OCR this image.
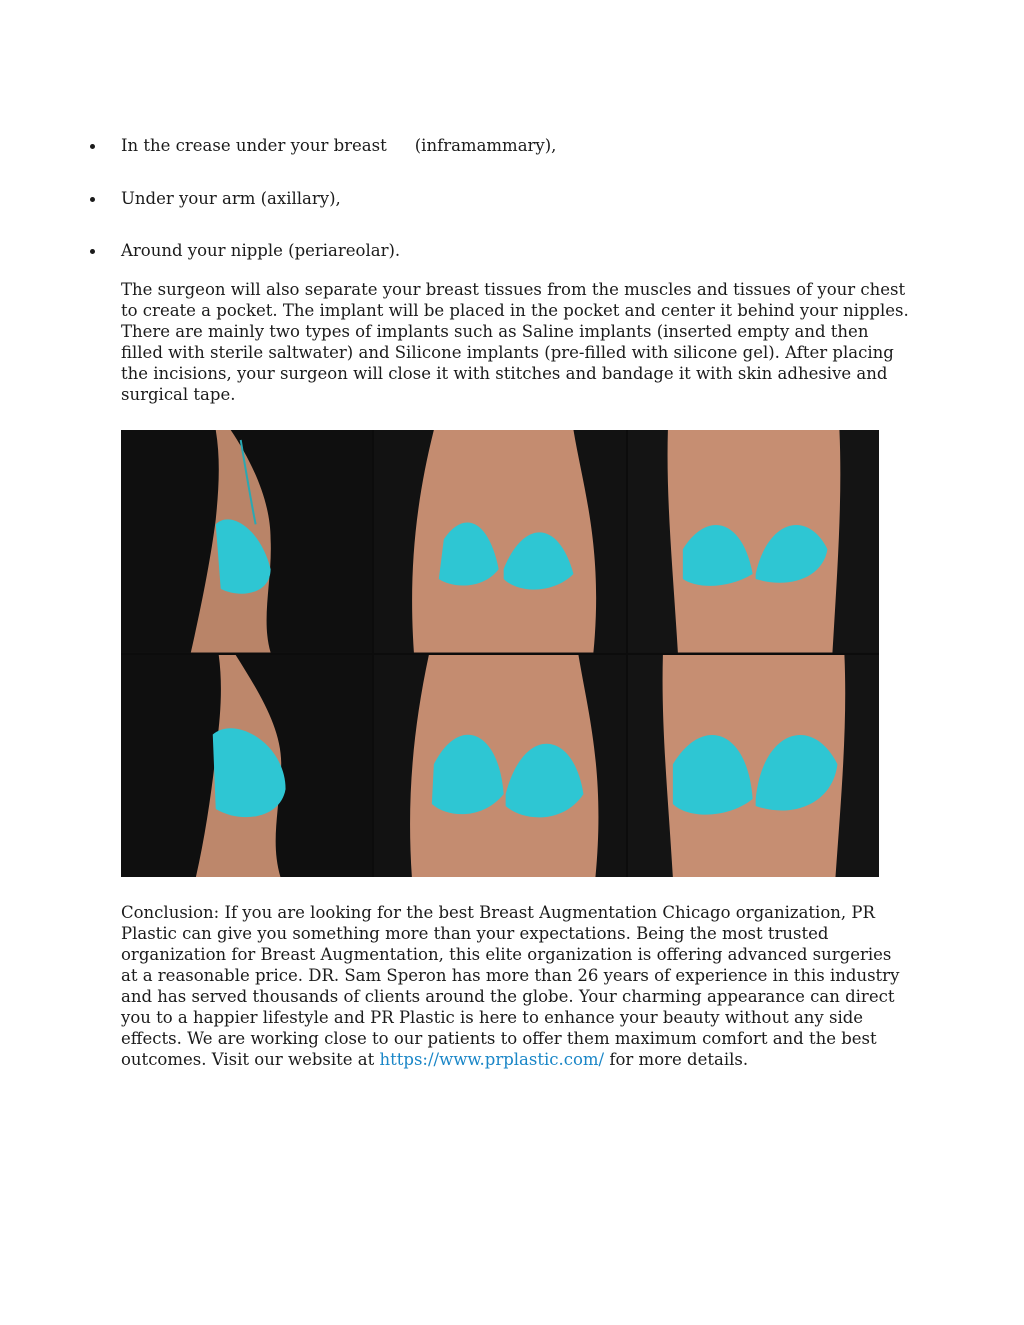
In the crease under your breast (inframammary),
Under your arm (axillary),
Around your nipple (periareolar).

The surgeon will also separate your breast tissues from the muscles and tissues of your chest to create a pocket. The implant will be placed in the pocket and center it behind your nipples. There are mainly two types of implants such as Saline implants (inserted empty and then filled with sterile saltwater) and Silicone implants (pre-filled with silicone gel). After placing the incisions, your surgeon will close it with stitches and bandage it with skin adhesive and surgical tape.

Conclusion: If you are looking for the best Breast Augmentation Chicago organization, PR Plastic can give you something more than your expectations. Being the most trusted organization for Breast Augmentation, this elite organization is offering advanced surgeries at a reasonable price. DR. Sam Speron has more than 26 years of experience in this industry and has served thousands of clients around the globe. Your charming appearance can direct you to a happier lifestyle and PR Plastic is here to enhance your beauty without any side effects. We are working close to our patients to offer them maximum comfort and the best outcomes. Visit our website at https://www.prplastic.com/ for more details.
